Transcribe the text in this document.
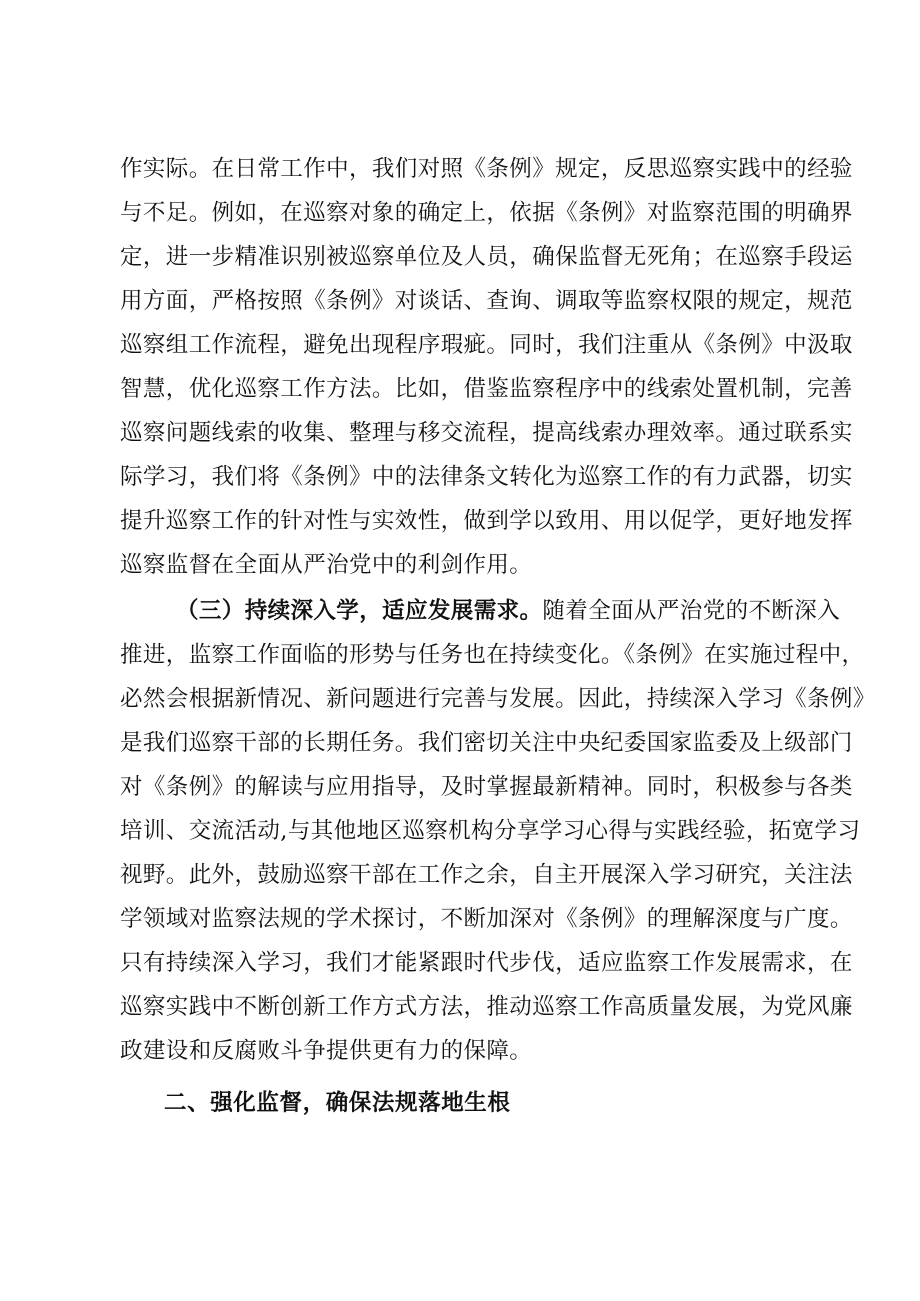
作实际。在日常工作中，我们对照《条例》规定，反思巡察实践中的经验
与不足。例如，在巡察对象的确定上，依据《条例》对监察范围的明确界
定，进一步精准识别被巡察单位及人员，确保监督无死角；在巡察手段运
用方面，严格按照《条例》对谈话、查询、调取等监察权限的规定，规范
巡察组工作流程，避免出现程序瑕疵。同时，我们注重从《条例》中汲取
智慧，优化巡察工作方法。比如，借鉴监察程序中的线索处置机制，完善
巡察问题线索的收集、整理与移交流程，提高线索办理效率。通过联系实
际学习，我们将《条例》中的法律条文转化为巡察工作的有力武器，切实
提升巡察工作的针对性与实效性，做到学以致用、用以促学，更好地发挥
巡察监督在全面从严治党中的利剑作用。
（三）持续深入学，适应发展需求。随着全面从严治党的不断深入
推进，监察工作面临的形势与任务也在持续变化。《条例》在实施过程中，
必然会根据新情况、新问题进行完善与发展。因此，持续深入学习《条例》
是我们巡察干部的长期任务。我们密切关注中央纪委国家监委及上级部门
对《条例》的解读与应用指导，及时掌握最新精神。同时，积极参与各类
培训、交流活动,与其他地区巡察机构分享学习心得与实践经验，拓宽学习
视野。此外，鼓励巡察干部在工作之余，自主开展深入学习研究，关注法
学领域对监察法规的学术探讨，不断加深对《条例》的理解深度与广度。
只有持续深入学习，我们才能紧跟时代步伐，适应监察工作发展需求，在
巡察实践中不断创新工作方式方法，推动巡察工作高质量发展，为党风廉
政建设和反腐败斗争提供更有力的保障。
二、强化监督，确保法规落地生根
